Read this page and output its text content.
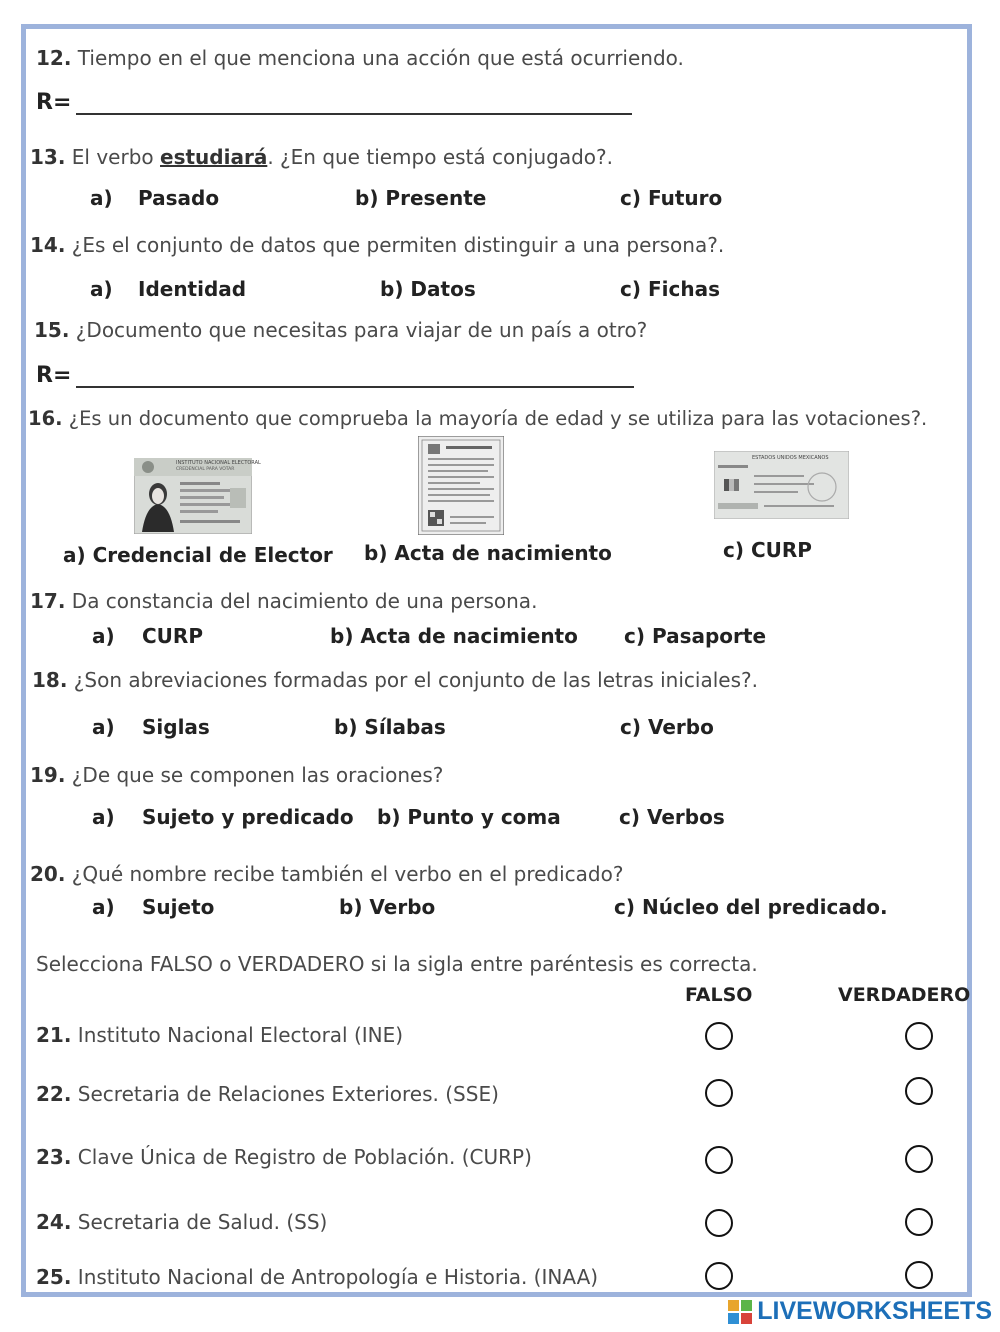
12. Tiempo en el que menciona una acción que está ocurriendo.
R=
13. El verbo estudiará. ¿En que tiempo está conjugado?.
a) Pasado	b) Presente	c) Futuro
14. ¿Es el conjunto de datos que permiten distinguir a una persona?.
a) Identidad	b) Datos	c) Fichas
15. ¿Documento que necesitas para viajar de un país a otro?
R=
16. ¿Es un documento que comprueba la mayoría de edad y se utiliza para las votaciones?.
INSTITUTO NACIONAL ELECTORAL
CREDENCIAL PARA VOTAR
ESTADOS UNIDOS MEXICANOS
a) Credencial de Elector b) Acta de nacimiento	c) CURP
17. Da constancia del nacimiento de una persona.
a) CURP	b) Acta de nacimiento c) Pasaporte
18. ¿Son abreviaciones formadas por el conjunto de las letras iniciales?.
a) Siglas	b) Sílabas	c) Verbo
19. ¿De que se componen las oraciones?
a) Sujeto y predicado b) Punto y coma	c) Verbos
20. ¿Qué nombre recibe también el verbo en el predicado?
a) Sujeto	b) Verbo	c) Núcleo del predicado.
Selecciona FALSO o VERDADERO si la sigla entre paréntesis es correcta.
FALSO	VERDADERO
21. Instituto Nacional Electoral (INE)
22. Secretaria de Relaciones Exteriores. (SSE)
23. Clave Única de Registro de Población. (CURP)
24. Secretaria de Salud. (SS)
25. Instituto Nacional de Antropología e Historia. (INAA)
LIVEWORKSHEETS
